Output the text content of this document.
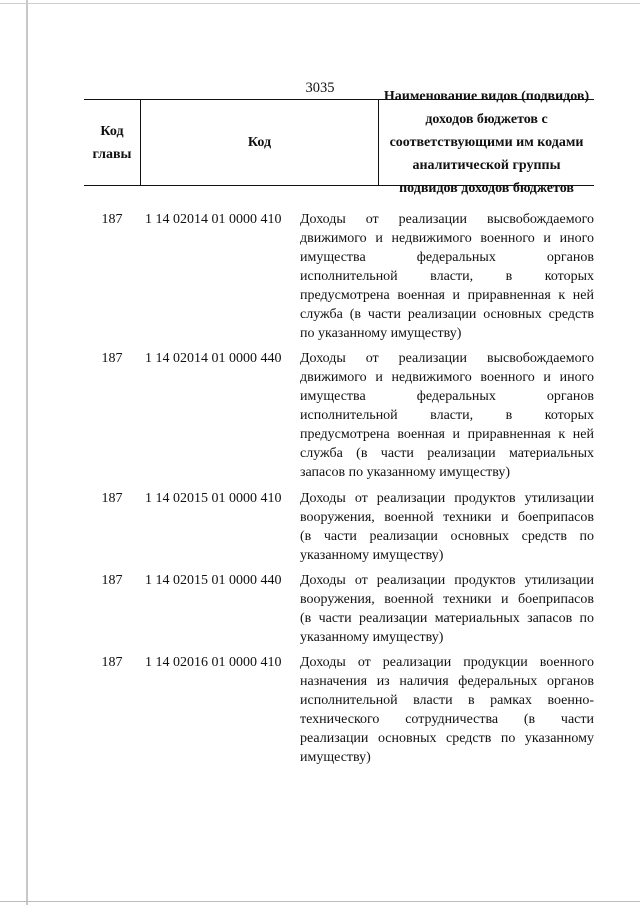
3035
Код
главы
Код
Наименование видов (подвидов) доходов бюджетов с соответствующими им кодами аналитической группы подвидов доходов бюджетов
187	1 14 02014 01 0000 410	Доходы от реализации высвобождаемого
движимого и недвижимого военного и иного
имущества федеральных органов
исполнительной власти, в которых
предусмотрена военная и приравненная к ней
служба (в части реализации основных средств
по указанному имуществу)
187	1 14 02014 01 0000 440	Доходы от реализации высвобождаемого
движимого и недвижимого военного и иного
имущества федеральных органов
исполнительной власти, в которых
предусмотрена военная и приравненная к ней
служба (в части реализации материальных
запасов по указанному имуществу)
187	1 14 02015 01 0000 410	Доходы от реализации продуктов утилизации
вооружения, военной техники и боеприпасов
(в части реализации основных средств по
указанному имуществу)
187	1 14 02015 01 0000 440	Доходы от реализации продуктов утилизации
вооружения, военной техники и боеприпасов
(в части реализации материальных запасов по
указанному имуществу)
187	1 14 02016 01 0000 410	Доходы от реализации продукции военного
назначения из наличия федеральных органов
исполнительной власти в рамках военно-
технического сотрудничества (в части
реализации основных средств по указанному
имуществу)
